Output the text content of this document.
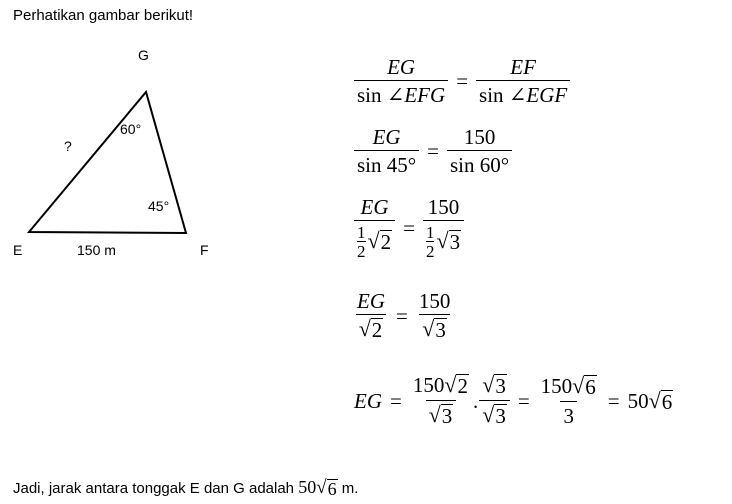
Perhatikan gambar berikut!
G
60°
?
45°
E	150 m	F
$\frac{EG}{\text{sin ∠EFG}} = \frac{EF}{\text{sin ∠EGF}}$
$\frac{EG}{\sin 45^\circ} = \frac{150}{\sin 60^\circ}$
$\frac{EG}{\frac{1}{2} √ 2} = \frac{150}{\frac{1}{2} √ 3}$
$\frac{EG}{√ 2} = \frac{150}{√ 3}$
EG = $\frac{150 √ 2}{√ 3}$ . $\frac{√ 3}{√ 3} = \frac{150 √ 6}{3} = 50$ √ 6
Jadi, jarak antara tonggak E dan G adalah 50 √ 6 m.
